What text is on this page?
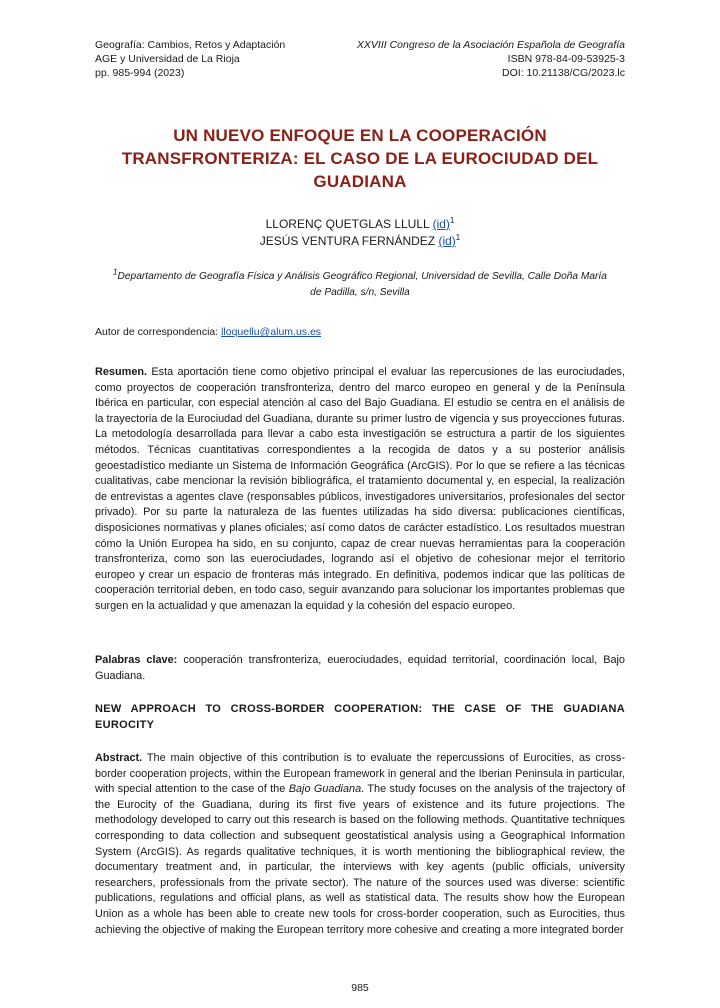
Geografía: Cambios, Retos y Adaptación
AGE y Universidad de La Rioja
pp. 985-994 (2023)
XXVIII Congreso de la Asociación Española de Geografía
ISBN 978-84-09-53925-3
DOI: 10.21138/CG/2023.lc
UN NUEVO ENFOQUE EN LA COOPERACIÓN
TRANSFRONTERIZA: EL CASO DE LA EUROCIUDAD DEL
GUADIANA
LLORENÇ QUETGLAS LLULL (id)$^1$
JESÚS VENTURA FERNÁNDEZ (id)$^1$
$^1$Departamento de Geografía Física y Análisis Geográfico Regional, Universidad de Sevilla, Calle Doña María de Padilla, s/n, Sevilla
Autor de correspondencia: lloquellu@alum.us.es
Resumen. Esta aportación tiene como objetivo principal el evaluar las repercusiones de las eurociudades, como proyectos de cooperación transfronteriza, dentro del marco europeo en general y de la Península Ibérica en particular, con especial atención al caso del Bajo Guadiana. El estudio se centra en el análisis de la trayectoria de la Eurociudad del Guadiana, durante su primer lustro de vigencia y sus proyecciones futuras. La metodología desarrollada para llevar a cabo esta investigación se estructura a partir de los siguientes métodos. Técnicas cuantitativas correspondientes a la recogida de datos y a su posterior análisis geoestadístico mediante un Sistema de Información Geográfica (ArcGIS). Por lo que se refiere a las técnicas cualitativas, cabe mencionar la revisión bibliográfica, el tratamiento documental y, en especial, la realización de entrevistas a agentes clave (responsables públicos, investigadores universitarios, profesionales del sector privado). Por su parte la naturaleza de las fuentes utilizadas ha sido diversa: publicaciones científicas, disposiciones normativas y planes oficiales; así como datos de carácter estadístico. Los resultados muestran cómo la Unión Europea ha sido, en su conjunto, capaz de crear nuevas herramientas para la cooperación transfronteriza, como son las euerociudades, logrando así el objetivo de cohesionar mejor el territorio europeo y crear un espacio de fronteras más integrado. En definitiva, podemos indicar que las políticas de cooperación territorial deben, en todo caso, seguir avanzando para solucionar los importantes problemas que surgen en la actualidad y que amenazan la equidad y la cohesión del espacio europeo.
Palabras clave: cooperación transfronteriza, euerociudades, equidad territorial, coordinación local, Bajo Guadiana.
NEW APPROACH TO CROSS-BORDER COOPERATION: THE CASE OF THE GUADIANA EUROCITY
Abstract. The main objective of this contribution is to evaluate the repercussions of Eurocities, as cross-border cooperation projects, within the European framework in general and the Iberian Peninsula in particular, with special attention to the case of the Bajo Guadiana. The study focuses on the analysis of the trajectory of the Eurocity of the Guadiana, during its first five years of existence and its future projections. The methodology developed to carry out this research is based on the following methods. Quantitative techniques corresponding to data collection and subsequent geostatistical analysis using a Geographical Information System (ArcGIS). As regards qualitative techniques, it is worth mentioning the bibliographical review, the documentary treatment and, in particular, the interviews with key agents (public officials, university researchers, professionals from the private sector). The nature of the sources used was diverse: scientific publications, regulations and official plans, as well as statistical data. The results show how the European Union as a whole has been able to create new tools for cross-border cooperation, such as Eurocities, thus achieving the objective of making the European territory more cohesive and creating a more integrated border
985
